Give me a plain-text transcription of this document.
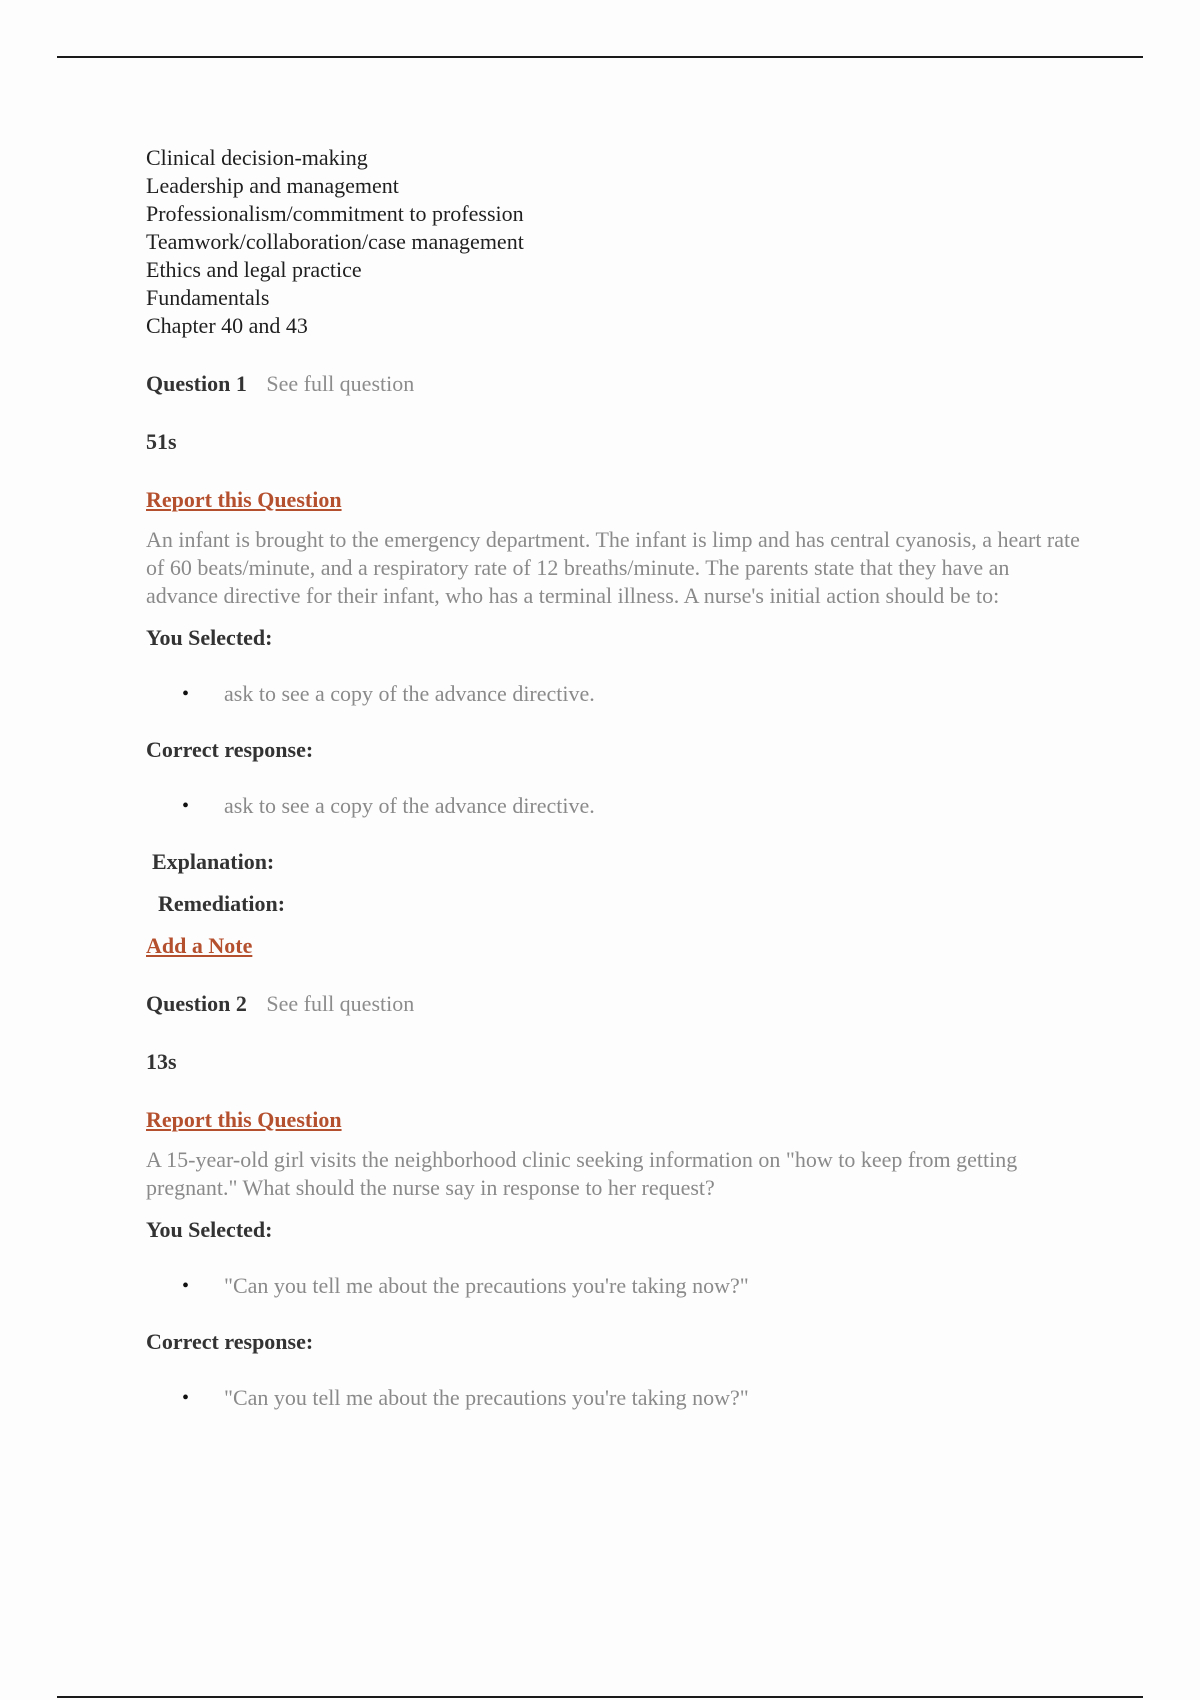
Clinical decision-making
Leadership and management
Professionalism/commitment to profession
Teamwork/collaboration/case management
Ethics and legal practice
Fundamentals
Chapter 40 and 43
Question 1 See full question
51s
Report this Question
An infant is brought to the emergency department. The infant is limp and has central cyanosis, a heart rate of 60 beats/minute, and a respiratory rate of 12 breaths/minute. The parents state that they have an advance directive for their infant, who has a terminal illness. A nurse's initial action should be to:
You Selected:
• ask to see a copy of the advance directive.
Correct response:
• ask to see a copy of the advance directive.
Explanation:
Remediation:
Add a Note
Question 2 See full question
13s
Report this Question
A 15-year-old girl visits the neighborhood clinic seeking information on "how to keep from getting pregnant." What should the nurse say in response to her request?
You Selected:
• "Can you tell me about the precautions you're taking now?"
Correct response:
• "Can you tell me about the precautions you're taking now?"
